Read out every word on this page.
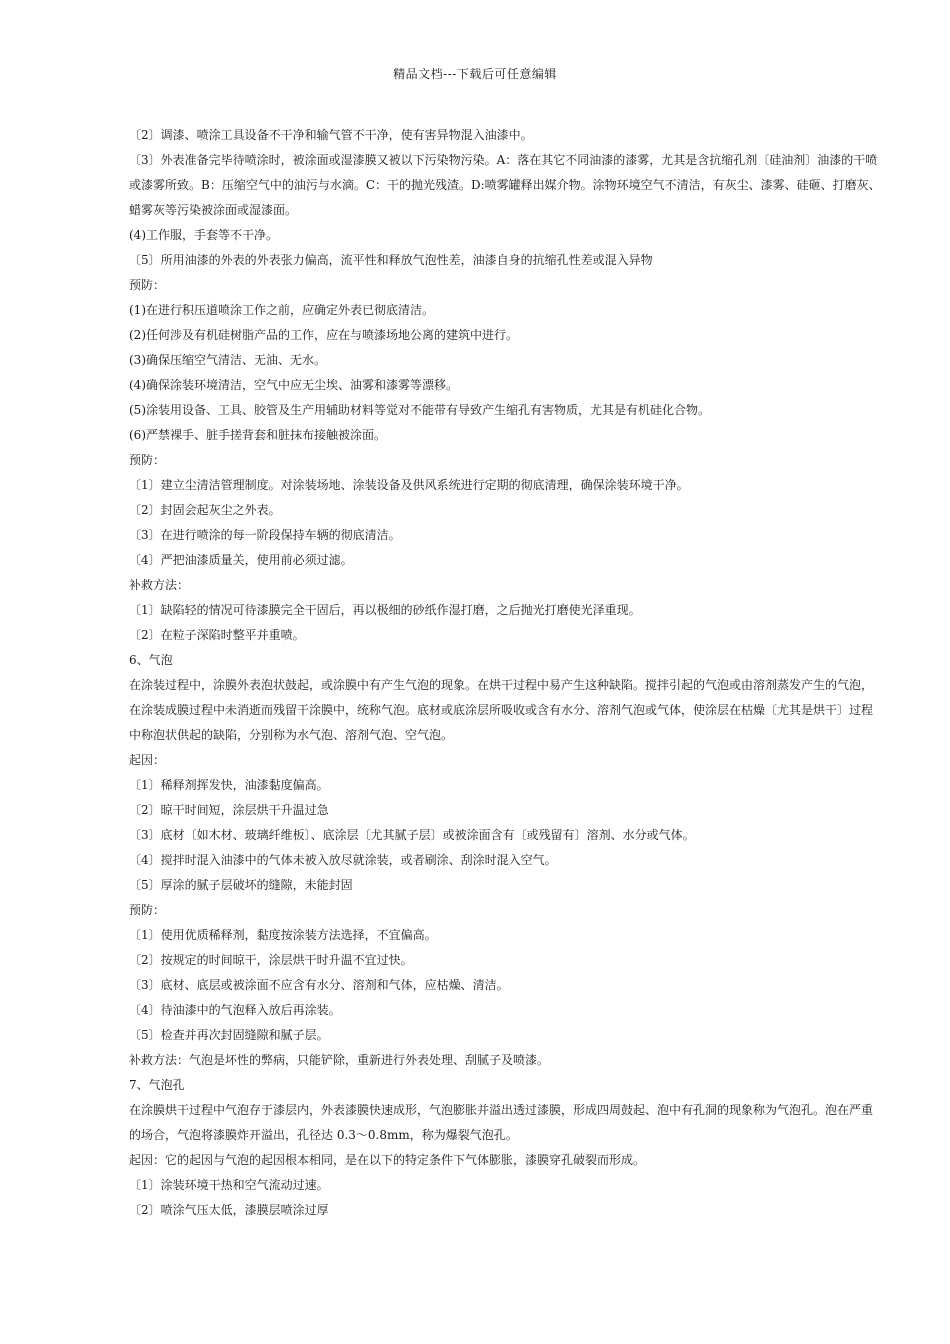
精品文档---下载后可任意编辑

〔2〕调漆、喷涂工具设备不干净和输气管不干净，使有害异物混入油漆中。

〔3〕外表准备完毕待喷涂时，被涂面或湿漆膜又被以下污染物污染。A：落在其它不同油漆的漆雾，尤其是含抗缩孔剂〔硅油剂〕油漆的干喷或漆雾所致。B：压缩空气中的油污与水滴。C：干的抛光残渣。D:喷雾罐释出媒介物。涂物环境空气不清洁，有灰尘、漆雾、硅砸、打磨灰、蜡雾灰等污染被涂面或湿漆面。

(4)工作服，手套等不干净。

〔5〕所用油漆的外表的外表张力偏高，流平性和释放气泡性差，油漆自身的抗缩孔性差或混入异物

预防：

(1)在进行积压道喷涂工作之前，应确定外表已彻底清洁。

(2)任何涉及有机硅树脂产品的工作，应在与喷漆场地公离的建筑中进行。

(3)确保压缩空气清洁、无油、无水。

(4)确保涂装环境清洁，空气中应无尘埃、油雾和漆雾等漂移。

(5)涂装用设备、工具、胶管及生产用辅助材料等觉对不能带有导致产生缩孔有害物质，尤其是有机硅化合物。

(6)严禁裸手、脏手搓背套和脏抹布接触被涂面。

预防：

〔1〕建立尘清洁管理制度。对涂装场地、涂装设备及供风系统进行定期的彻底清理，确保涂装环境干净。

〔2〕封固会起灰尘之外表。

〔3〕在进行喷涂的每一阶段保持车辆的彻底清洁。

〔4〕严把油漆质量关，使用前必须过滤。

补救方法：

〔1〕缺陷轻的情况可待漆膜完全干固后，再以极细的砂纸作湿打磨，之后抛光打磨使光泽重现。

〔2〕在粒子深陷时整平并重喷。

6、气泡

在涂装过程中，涂膜外表泡状鼓起，或涂膜中有产生气泡的现象。在烘干过程中易产生这种缺陷。搅拌引起的气泡或由溶剂蒸发产生的气泡，在涂装成膜过程中未消逝而残留干涂膜中，统称气泡。底材或底涂层所吸收或含有水分、溶剂气泡或气体，使涂层在枯燥〔尤其是烘干〕过程中称泡状供起的缺陷，分别称为水气泡、溶剂气泡、空气泡。

起因：

〔1〕稀释剂挥发快，油漆黏度偏高。

〔2〕晾干时间短，涂层烘干升温过急

〔3〕底材〔如木材、玻璃纤维板〕、底涂层〔尤其腻子层〕或被涂面含有〔或残留有〕溶剂、水分或气体。

〔4〕搅拌时混入油漆中的气体未被入放尽就涂装，或者刷涂、刮涂时混入空气。

〔5〕厚涂的腻子层破坏的缝隙，未能封固

预防：

〔1〕使用优质稀释剂，黏度按涂装方法选择，不宜偏高。

〔2〕按规定的时间晾干，涂层烘干时升温不宜过快。

〔3〕底材、底层或被涂面不应含有水分、溶剂和气体，应枯燥、清洁。

〔4〕待油漆中的气泡释入放后再涂装。

〔5〕检查并再次封固缝隙和腻子层。

补救方法：气泡是坏性的弊病，只能铲除，重新进行外表处理、刮腻子及喷漆。

7、气泡孔

在涂膜烘干过程中气泡存于漆层内，外表漆膜快速成形，气泡膨胀并溢出透过漆膜，形成四周鼓起、泡中有孔洞的现象称为气泡孔。泡在严重的场合，气泡将漆膜炸开溢出，孔径达 0.3～0.8mm，称为爆裂气泡孔。

起因：它的起因与气泡的起因根本相同，是在以下的特定条件下气体膨胀，漆膜穿孔破裂而形成。

〔1〕涂装环境干热和空气流动过速。

〔2〕喷涂气压太低，漆膜层喷涂过厚
